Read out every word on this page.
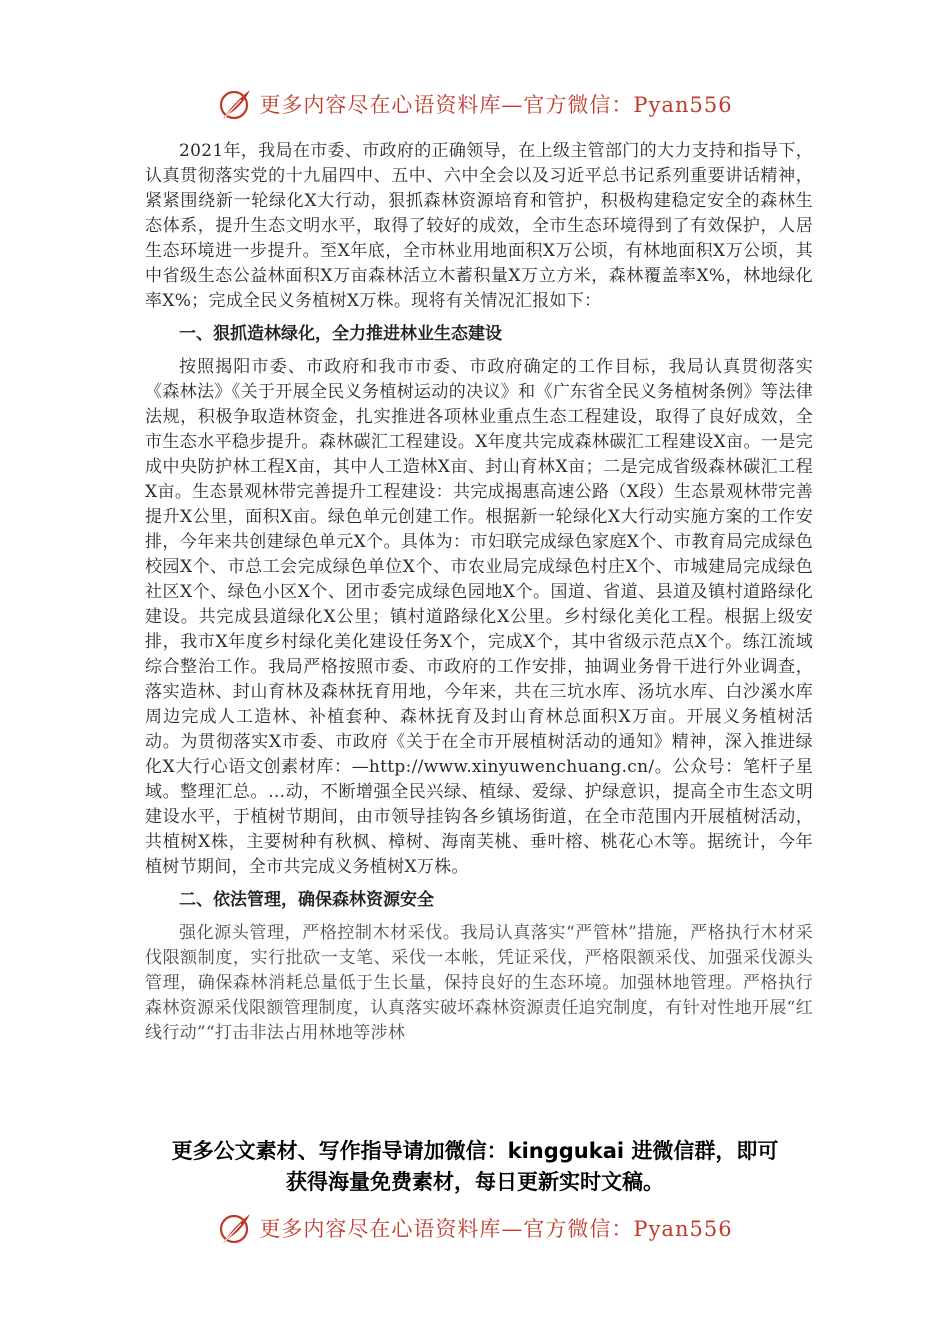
更多内容尽在心语资料库—官方微信：Pyan556

2021年，我局在市委、市政府的正确领导，在上级主管部门的大力支持和指导下，认真贯彻落实党的十九届四中、五中、六中全会以及习近平总书记系列重要讲话精神，紧紧围绕新一轮绿化X大行动，狠抓森林资源培育和管护，积极构建稳定安全的森林生态体系，提升生态文明水平，取得了较好的成效，全市生态环境得到了有效保护，人居生态环境进一步提升。至X年底，全市林业用地面积X万公顷，有林地面积X万公顷，其中省级生态公益林面积X万亩森林活立木蓄积量X万立方米，森林覆盖率X%，林地绿化率X%；完成全民义务植树X万株。现将有关情况汇报如下：

一、狠抓造林绿化，全力推进林业生态建设

按照揭阳市委、市政府和我市市委、市政府确定的工作目标，我局认真贯彻落实《森林法》《关于开展全民义务植树运动的决议》和《广东省全民义务植树条例》等法律法规，积极争取造林资金，扎实推进各项林业重点生态工程建设，取得了良好成效，全市生态水平稳步提升。森林碳汇工程建设。X年度共完成森林碳汇工程建设X亩。一是完成中央防护林工程X亩，其中人工造林X亩、封山育林X亩；二是完成省级森林碳汇工程X亩。生态景观林带完善提升工程建设：共完成揭惠高速公路（X段）生态景观林带完善提升X公里，面积X亩。绿色单元创建工作。根据新一轮绿化X大行动实施方案的工作安排，今年来共创建绿色单元X个。具体为：市妇联完成绿色家庭X个、市教育局完成绿色校园X个、市总工会完成绿色单位X个、市农业局完成绿色村庄X个、市城建局完成绿色社区X个、绿色小区X个、团市委完成绿色园地X个。国道、省道、县道及镇村道路绿化建设。共完成县道绿化X公里；镇村道路绿化X公里。乡村绿化美化工程。根据上级安排，我市X年度乡村绿化美化建设任务X个，完成X个，其中省级示范点X个。练江流域综合整治工作。我局严格按照市委、市政府的工作安排，抽调业务骨干进行外业调查，落实造林、封山育林及森林抚育用地，今年来，共在三坑水库、汤坑水库、白沙溪水库周边完成人工造林、补植套种、森林抚育及封山育林总面积X万亩。开展义务植树活动。为贯彻落实X市委、市政府《关于在全市开展植树活动的通知》精神，深入推进绿化X大行心语文创素材库：—http://www.xinyuwenchuang.cn/。公众号：笔杆子星域。整理汇总。…动，不断增强全民兴绿、植绿、爱绿、护绿意识，提高全市生态文明建设水平，于植树节期间，由市领导挂钩各乡镇场街道，在全市范围内开展植树活动，共植树X株，主要树种有秋枫、樟树、海南芙桃、垂叶榕、桃花心木等。据统计，今年植树节期间，全市共完成义务植树X万株。

二、依法管理，确保森林资源安全

强化源头管理，严格控制木材采伐。我局认真落实“严管林”措施，严格执行木材采伐限额制度，实行批砍一支笔、采伐一本帐，凭证采伐，严格限额采伐、加强采伐源头管理，确保森林消耗总量低于生长量，保持良好的生态环境。加强林地管理。严格执行森林资源采伐限额管理制度，认真落实破坏森林资源责任追究制度，有针对性地开展“红线行动”“打击非法占用林地等涉林

更多公文素材、写作指导请加微信：kinggukai 进微信群，即可
获得海量免费素材，每日更新实时文稿。
更多内容尽在心语资料库—官方微信：Pyan556
